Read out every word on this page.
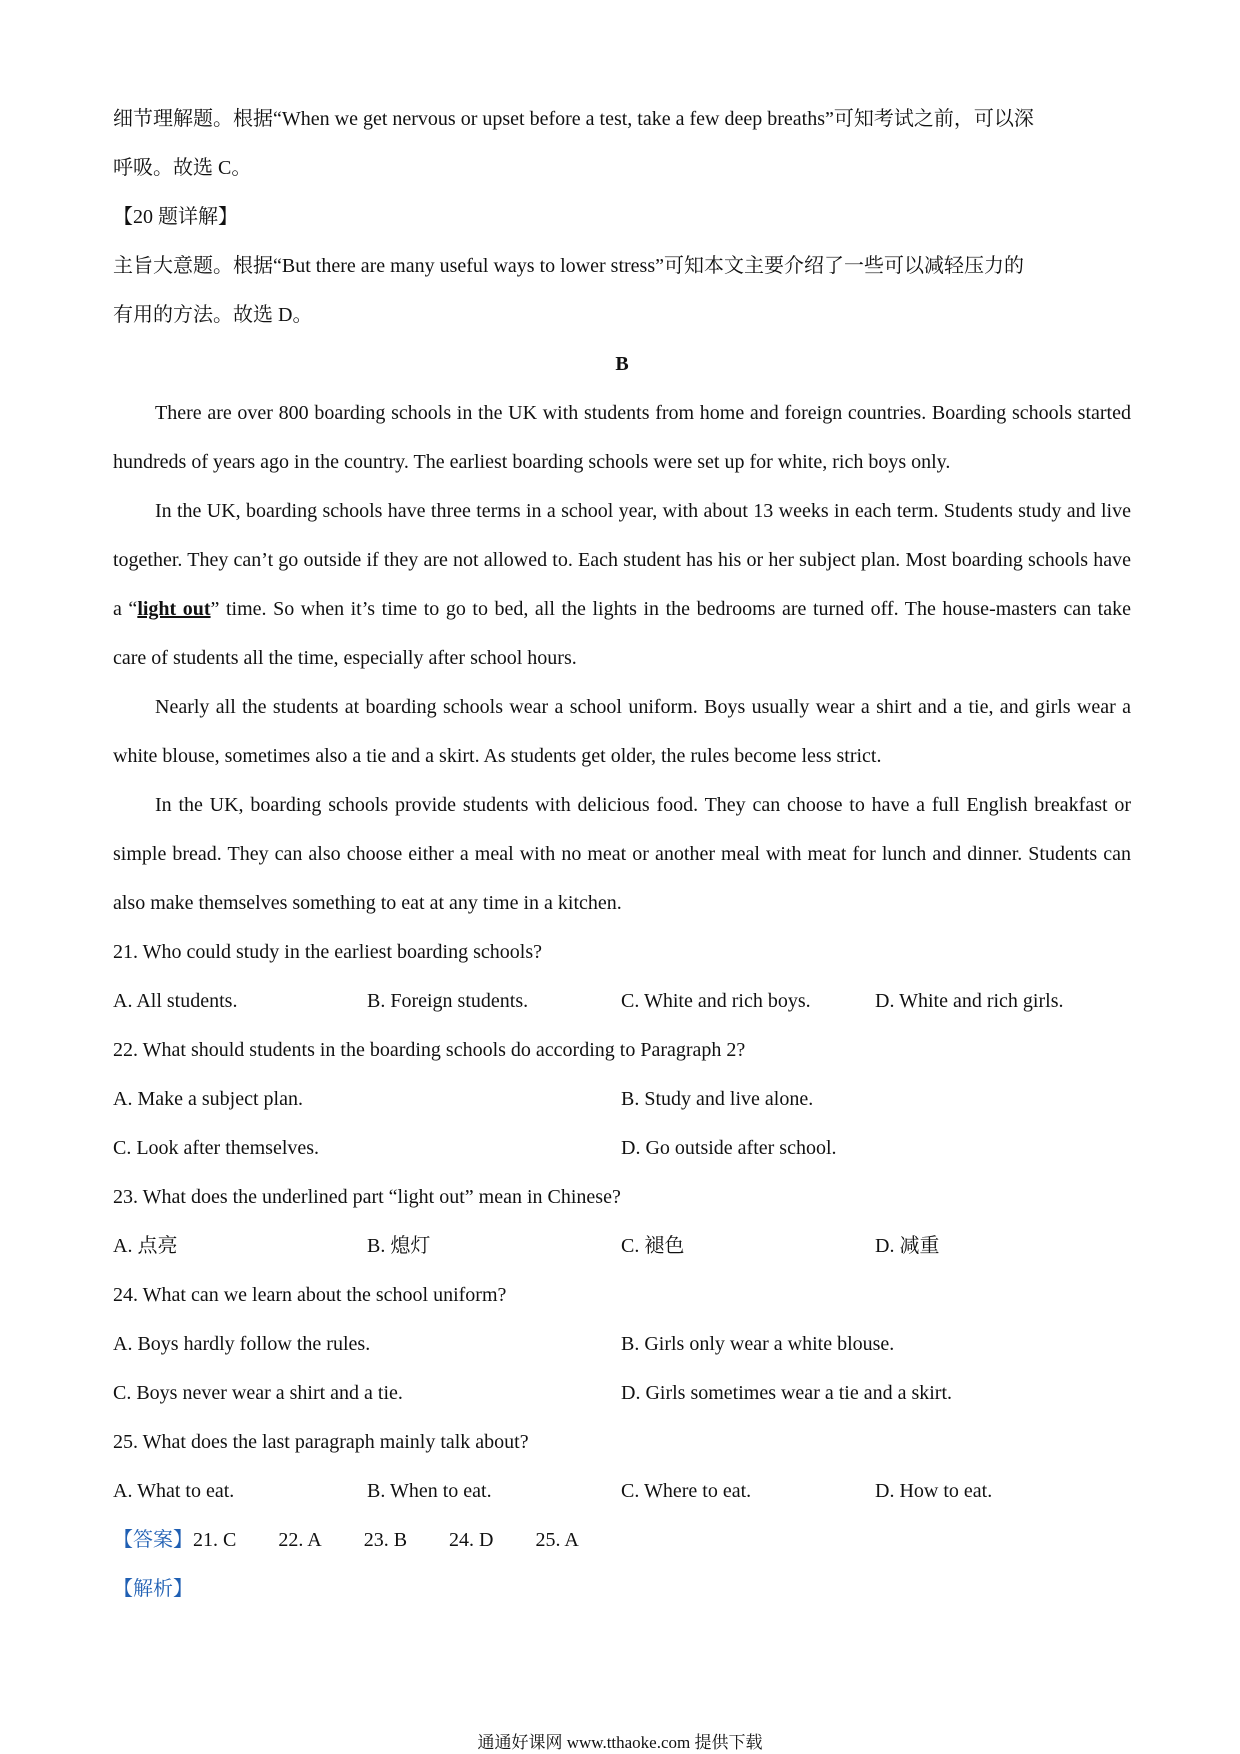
细节理解题。根据“When we get nervous or upset before a test, take a few deep breaths”可知考试之前，可以深
呼吸。故选 C。
【20 题详解】
主旨大意题。根据“But there are many useful ways to lower stress”可知本文主要介绍了一些可以减轻压力的
有用的方法。故选 D。
B
There are over 800 boarding schools in the UK with students from home and foreign countries. Boarding schools started hundreds of years ago in the country. The earliest boarding schools were set up for white, rich boys only.
In the UK, boarding schools have three terms in a school year, with about 13 weeks in each term. Students study and live together. They can’t go outside if they are not allowed to. Each student has his or her subject plan. Most boarding schools have a “light out” time. So when it’s time to go to bed, all the lights in the bedrooms are turned off. The house-masters can take care of students all the time, especially after school hours.
Nearly all the students at boarding schools wear a school uniform. Boys usually wear a shirt and a tie, and girls wear a white blouse, sometimes also a tie and a skirt. As students get older, the rules become less strict.
In the UK, boarding schools provide students with delicious food. They can choose to have a full English breakfast or simple bread. They can also choose either a meal with no meat or another meal with meat for lunch and dinner. Students can also make themselves something to eat at any time in a kitchen.
21. Who could study in the earliest boarding schools?
A. All students.	B. Foreign students.	C. White and rich boys.	D. White and rich girls.
22. What should students in the boarding schools do according to Paragraph 2?
A. Make a subject plan.	B. Study and live alone.
C. Look after themselves.	D. Go outside after school.
23. What does the underlined part “light out” mean in Chinese?
A. 点亮	B. 熄灯	C. 褪色	D. 减重
24. What can we learn about the school uniform?
A. Boys hardly follow the rules.	B. Girls only wear a white blouse.
C. Boys never wear a shirt and a tie.	D. Girls sometimes wear a tie and a skirt.
25. What does the last paragraph mainly talk about?
A. What to eat.	B. When to eat.	C. Where to eat.	D. How to eat.
【答案】 21. C 22. A 23. B 24. D 25. A
【解析】
通通好课网 www.tthaoke.com 提供下载
